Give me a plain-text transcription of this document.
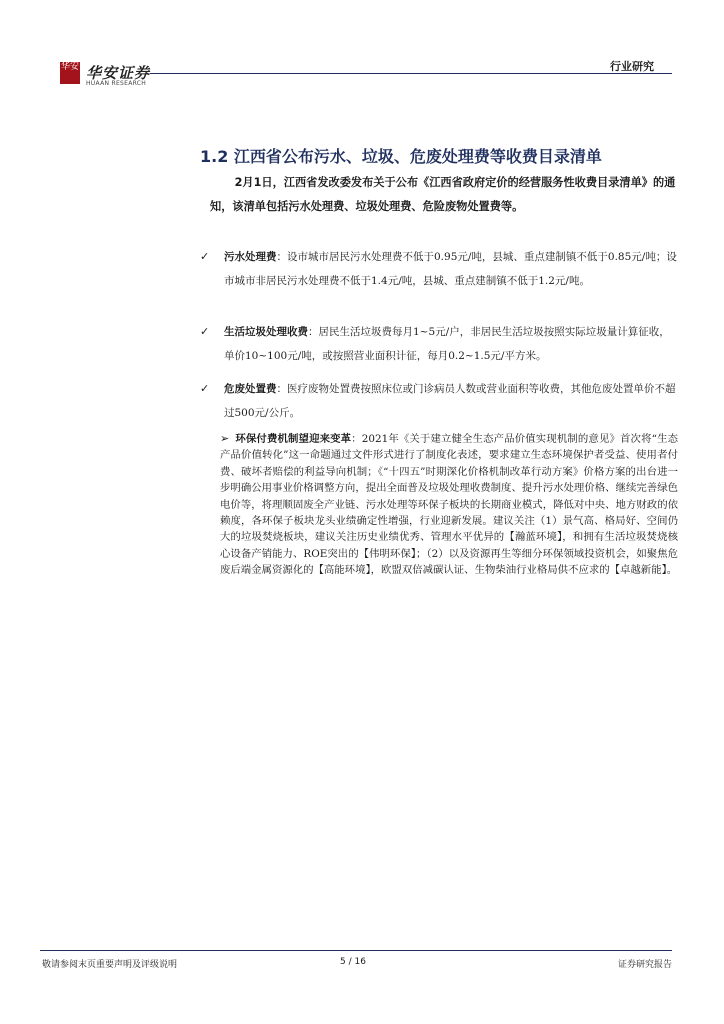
华安 华安证券
HUAAN RESEARCH
行业研究
1.2 江西省公布污水、垃圾、危废处理费等收费目录清单
2月1日，江西省发改委发布关于公布《江西省政府定价的经营服务性收费目录清单》的通知，该清单包括污水处理费、垃圾处理费、危险废物处置费等。
✓ 污水处理费：设市城市居民污水处理费不低于0.95元/吨，县城、重点建制镇不低于0.85元/吨；设市城市非居民污水处理费不低于1.4元/吨，县城、重点建制镇不低于1.2元/吨。
✓ 生活垃圾处理收费：居民生活垃圾费每月1~5元/户，非居民生活垃圾按照实际垃圾量计算征收，单价10~100元/吨，或按照营业面积计征，每月0.2~1.5元/平方米。
✓ 危废处置费：医疗废物处置费按照床位或门诊病员人数或营业面积等收费，其他危废处置单价不超过500元/公斤。
➢ 环保付费机制望迎来变革：2021年《关于建立健全生态产品价值实现机制的意见》首次将“生态产品价值转化”这一命题通过文件形式进行了制度化表述，要求建立生态环境保护者受益、使用者付费、破坏者赔偿的利益导向机制；《“十四五”时期深化价格机制改革行动方案》价格方案的出台进一步明确公用事业价格调整方向，提出全面普及垃圾处理收费制度、提升污水处理价格、继续完善绿色电价等，将理顺固废全产业链、污水处理等环保子板块的长期商业模式，降低对中央、地方财政的依赖度，各环保子板块龙头业绩确定性增强，行业迎新发展。建议关注（1）景气高、格局好、空间仍大的垃圾焚烧板块，建议关注历史业绩优秀、管理水平优异的【瀚蓝环境】，和拥有生活垃圾焚烧核心设备产销能力、ROE突出的【伟明环保】；（2）以及资源再生等细分环保领域投资机会，如聚焦危废后端金属资源化的【高能环境】，欧盟双倍减碳认证、生物柴油行业格局供不应求的【卓越新能】。
敬请参阅末页重要声明及评级说明	5 / 16	证券研究报告
